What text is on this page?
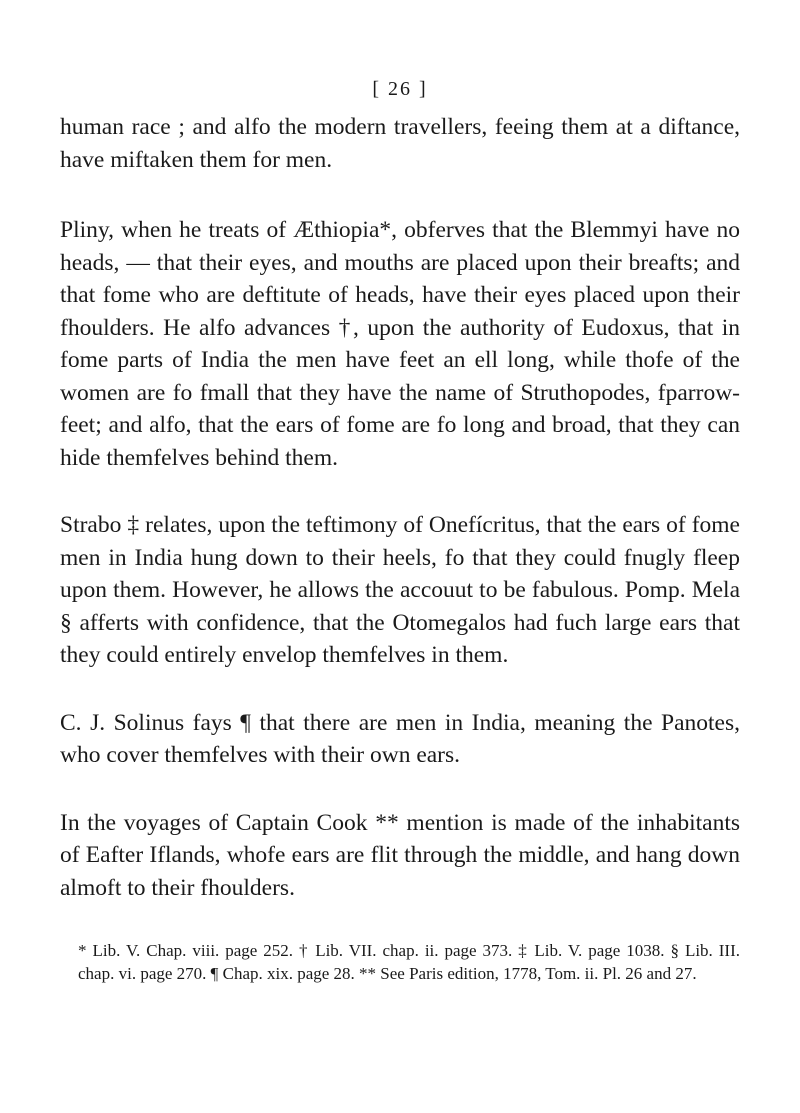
[ 26 ]

human race ; and alfo the modern travellers, feeing them at a diftance, have miftaken them for men.

Pliny, when he treats of Æthiopia*, obferves that the Blemmyi have no heads, — that their eyes, and mouths are placed upon their breafts; and that fome who are deftitute of heads, have their eyes placed upon their fhoulders. He alfo advances †, upon the authority of Eudoxus, that in fome parts of India the men have feet an ell long, while thofe of the women are fo fmall that they have the name of Struthopodes, fparrow-feet; and alfo, that the ears of fome are fo long and broad, that they can hide themfelves behind them.

Strabo ‡ relates, upon the teftimony of Onefícritus, that the ears of fome men in India hung down to their heels, fo that they could fnugly fleep upon them. However, he allows the accouut to be fabulous. Pomp. Mela § afferts with confidence, that the Otomegalos had fuch large ears that they could entirely envelop themfelves in them.

C. J. Solinus fays ¶ that there are men in India, meaning the Panotes, who cover themfelves with their own ears.

In the voyages of Captain Cook ** mention is made of the inhabitants of Eafter Iflands, whofe ears are flit through the middle, and hang down almoft to their fhoulders.

* Lib. V. Chap. viii. page 252. † Lib. VII. chap. ii. page 373. ‡ Lib. V. page 1038. § Lib. III. chap. vi. page 270. ¶ Chap. xix. page 28. ** See Paris edition, 1778, Tom. ii. Pl. 26 and 27.
